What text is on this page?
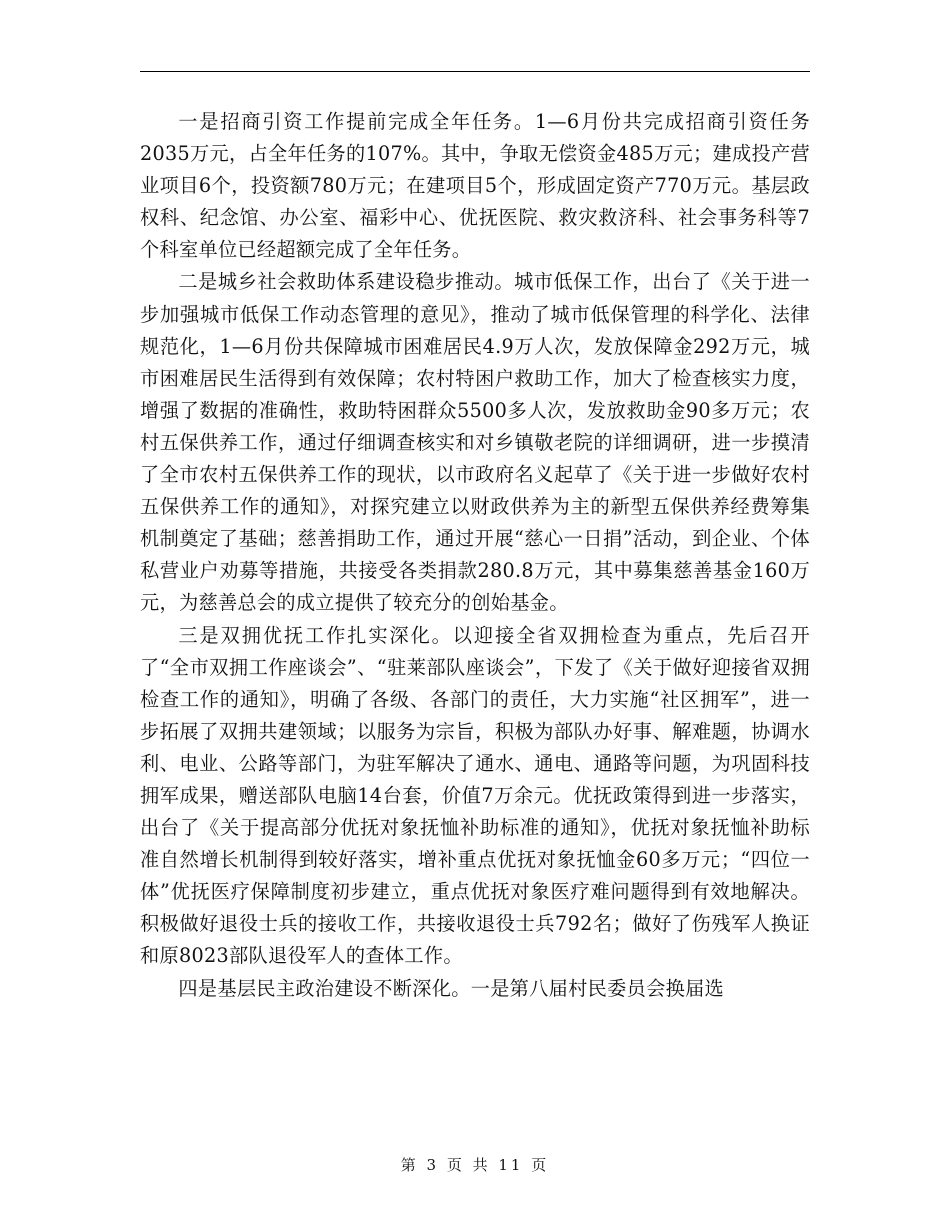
一是招商引资工作提前完成全年任务。1—6月份共完成招商引资任务2035万元，占全年任务的107%。其中，争取无偿资金485万元；建成投产营业项目6个，投资额780万元；在建项目5个，形成固定资产770万元。基层政权科、纪念馆、办公室、福彩中心、优抚医院、救灾救济科、社会事务科等7个科室单位已经超额完成了全年任务。

二是城乡社会救助体系建设稳步推动。城市低保工作，出台了《关于进一步加强城市低保工作动态管理的意见》，推动了城市低保管理的科学化、法律规范化，1—6月份共保障城市困难居民4.9万人次，发放保障金292万元，城市困难居民生活得到有效保障；农村特困户救助工作，加大了检查核实力度，增强了数据的准确性，救助特困群众5500多人次，发放救助金90多万元；农村五保供养工作，通过仔细调查核实和对乡镇敬老院的详细调研，进一步摸清了全市农村五保供养工作的现状，以市政府名义起草了《关于进一步做好农村五保供养工作的通知》，对探究建立以财政供养为主的新型五保供养经费筹集机制奠定了基础；慈善捐助工作，通过开展“慈心一日捐”活动，到企业、个体私营业户劝募等措施，共接受各类捐款280.8万元，其中募集慈善基金160万元，为慈善总会的成立提供了较充分的创始基金。

三是双拥优抚工作扎实深化。以迎接全省双拥检查为重点，先后召开了“全市双拥工作座谈会”、“驻莱部队座谈会”，下发了《关于做好迎接省双拥检查工作的通知》，明确了各级、各部门的责任，大力实施“社区拥军”，进一步拓展了双拥共建领域；以服务为宗旨，积极为部队办好事、解难题，协调水利、电业、公路等部门，为驻军解决了通水、通电、通路等问题，为巩固科技拥军成果，赠送部队电脑14台套，价值7万余元。优抚政策得到进一步落实，出台了《关于提高部分优抚对象抚恤补助标准的通知》，优抚对象抚恤补助标准自然增长机制得到较好落实，增补重点优抚对象抚恤金60多万元；“四位一体”优抚医疗保障制度初步建立，重点优抚对象医疗难问题得到有效地解决。积极做好退役士兵的接收工作，共接收退役士兵792名；做好了伤残军人换证和原8023部队退役军人的查体工作。

四是基层民主政治建设不断深化。一是第八届村民委员会换届选

第 3 页 共 11 页
